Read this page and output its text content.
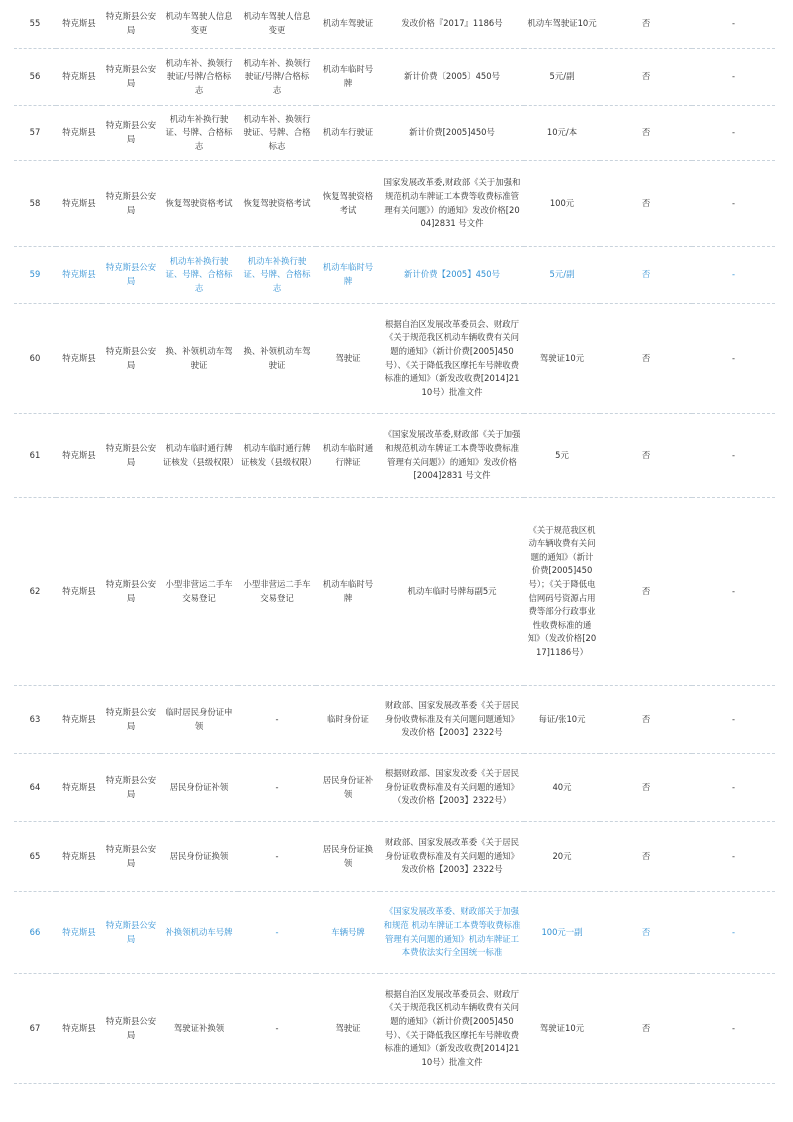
55	特克斯县	特克斯县公安局	机动车驾驶人信息变更	机动车驾驶人信息变更	机动车驾驶证	发改价格『2017』1186号	机动车驾驶证10元	否	-
56	特克斯县	特克斯县公安局	机动车补、换领行驶证/号牌/合格标志	机动车补、换领行驶证/号牌/合格标志	机动车临时号牌	新计价费〔2005〕450号	5元/副	否	-
57	特克斯县	特克斯县公安局	机动车补换行驶证、号牌、合格标志	机动车补、换领行驶证、号牌、合格标志	机动车行驶证	新计价费[2005]450号	10元/本	否	-
58	特克斯县	特克斯县公安局	恢复驾驶资格考试	恢复驾驶资格考试	恢复驾驶资格考试	国家发展改革委,财政部《关于加强和规范机动车牌证工本费等收费标准管理有关问题》）的通知》发改价格[2004]2831 号文件	100元	否	-
59	特克斯县	特克斯县公安局	机动车补换行驶证、号牌、合格标志	机动车补换行驶证、号牌、合格标志	机动车临时号牌	新计价费【2005】450号	5元/副	否	-
60	特克斯县	特克斯县公安局	换、补领机动车驾驶证	换、补领机动车驾驶证	驾驶证	根据自治区发展改革委员会、财政厅《关于规范我区机动车辆收费有关问题的通知》（新计价费[2005]450号）、《关于降低我区摩托车号牌收费标准的通知》（新发改收费[2014]2110号）批准文件	驾驶证10元	否	-
61	特克斯县	特克斯县公安局	机动车临时通行牌证核发（县级权限）	机动车临时通行牌证核发（县级权限）	机动车临时通行牌证	《国家发展改革委,财政部《关于加强和规范机动车牌证工本费等收费标准管理有关问题》）的通知》发改价格[2004]2831 号文件	5元	否	-
62	特克斯县	特克斯县公安局	小型非营运二手车交易登记	小型非营运二手车交易登记	机动车临时号牌	机动车临时号牌每副5元	《关于规范我区机动车辆收费有关问题的通知》（新计价费[2005]450号）；《关于降低电信网码号资源占用费等部分行政事业性收费标准的通知》（发改价格[2017]1186号）	否	-
63	特克斯县	特克斯县公安局	临时居民身份证申领	-	临时身份证	财政部、国家发展改革委《关于居民身份收费标准及有关问题问题通知》发改价格【2003】2322号	每证/张10元	否	-
64	特克斯县	特克斯县公安局	居民身份证补领	-	居民身份证补领	根据财政部、国家发改委《关于居民身份证收费标准及有关问题的通知》（发改价格【2003】2322号）	40元	否	-
65	特克斯县	特克斯县公安局	居民身份证换领	-	居民身份证换领	财政部、国家发展改革委《关于居民身份证收费标准及有关问题的通知》发改价格【2003】2322号	20元	否	-
66	特克斯县	特克斯县公安局	补换领机动车号牌	-	车辆号牌	《国家发展改革委、财政部关于加强和规范 机动车牌证工本费等收费标准管理有关问题的通知》机动车牌证工本费依法实行全国统一标准	100元一副	否	-
67	特克斯县	特克斯县公安局	驾驶证补换领	-	驾驶证	根据自治区发展改革委员会、财政厅《关于规范我区机动车辆收费有关问题的通知》（新计价费[2005]450号）、《关于降低我区摩托车号牌收费标准的通知》（新发改收费[2014]2110号）批准文件	驾驶证10元	否	-
